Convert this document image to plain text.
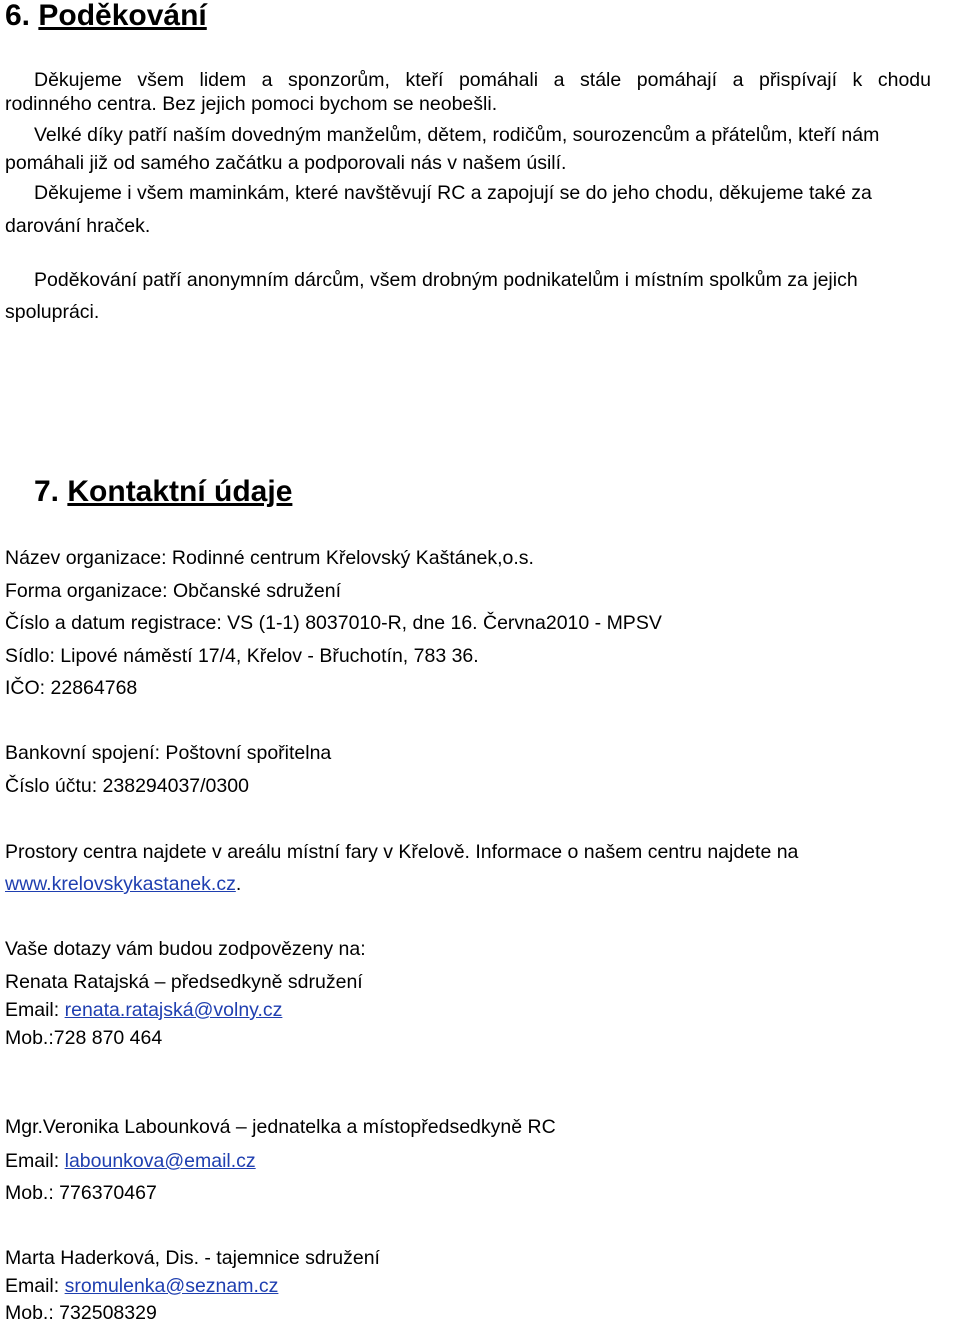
6. Poděkování
Děkujeme všem lidem a sponzorům, kteří pomáhali a stále pomáhají a přispívají k chodu
rodinného centra. Bez jejich pomoci bychom se neobešli.
Velké díky patří naším dovedným manželům, dětem, rodičům, sourozencům a přátelům, kteří nám
pomáhali již od samého začátku a podporovali nás v našem úsilí.
Děkujeme i všem maminkám, které navštěvují RC a zapojují se do jeho chodu, děkujeme také za
darování hraček.
Poděkování patří anonymním dárcům, všem drobným podnikatelům i místním spolkům za jejich
spolupráci.
7. Kontaktní údaje
Název organizace: Rodinné centrum Křelovský Kaštánek,o.s.
Forma organizace: Občanské sdružení
Číslo a datum registrace: VS (1-1) 8037010-R, dne 16. Června2010 - MPSV
Sídlo: Lipové náměstí 17/4, Křelov - Břuchotín, 783 36.
IČO: 22864768
Bankovní spojení: Poštovní spořitelna
Číslo účtu: 238294037/0300
Prostory centra najdete v areálu místní fary v Křelově. Informace o našem centru najdete na
www.krelovskykastanek.cz.
Vaše dotazy vám budou zodpovězeny na:
Renata Ratajská – předsedkyně sdružení
Email: renata.ratajská@volny.cz
Mob.:728 870 464
Mgr.Veronika Labounková – jednatelka a místopředsedkyně RC
Email: labounkova@email.cz
Mob.: 776370467
Marta Haderková, Dis. - tajemnice sdružení
Email: sromulenka@seznam.cz
Mob.: 732508329
